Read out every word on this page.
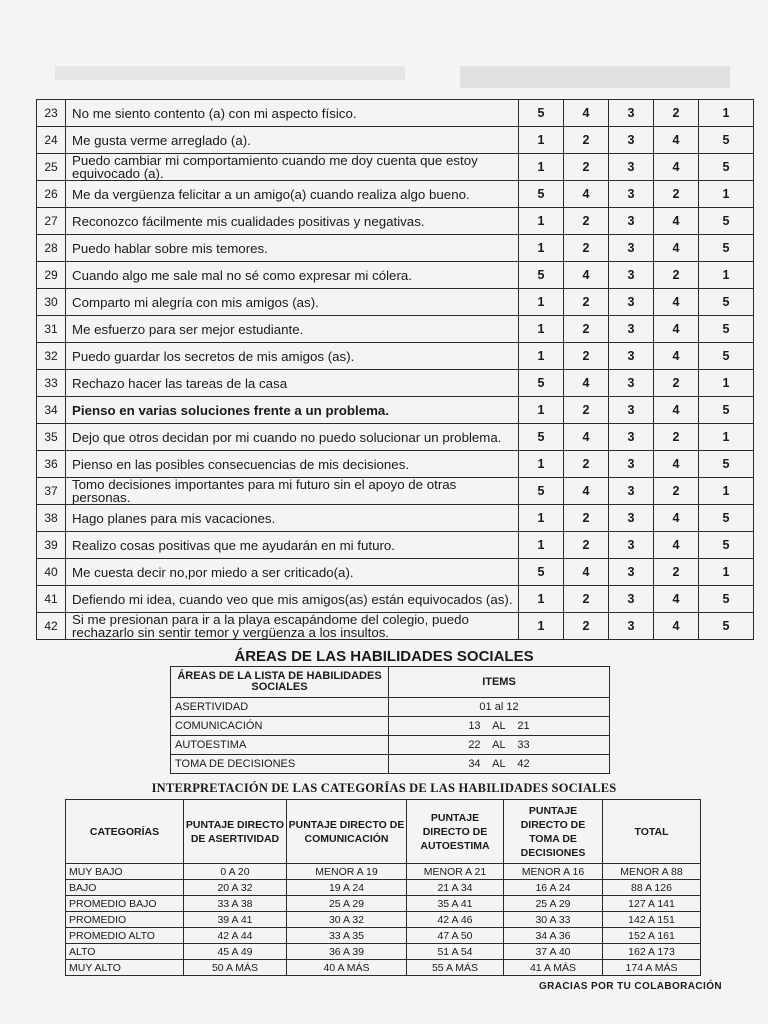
23	No me siento contento (a) con mi aspecto físico.	5	4	3	2	1
24	Me gusta verme arreglado (a).	1	2	3	4	5
25	Puedo cambiar mi comportamiento cuando me doy cuenta que estoy equivocado (a).	1	2	3	4	5
26	Me da vergüenza felicitar a un amigo(a) cuando realiza algo bueno.	5	4	3	2	1
27	Reconozco fácilmente mis cualidades positivas y negativas.	1	2	3	4	5
28	Puedo hablar sobre mis temores.	1	2	3	4	5
29	Cuando algo me sale mal no sé como expresar mi cólera.	5	4	3	2	1
30	Comparto mi alegría con mis amigos (as).	1	2	3	4	5
31	Me esfuerzo para ser mejor estudiante.	1	2	3	4	5
32	Puedo guardar los secretos de mis amigos (as).	1	2	3	4	5
33	Rechazo hacer las tareas de la casa	5	4	3	2	1
34	Pienso en varias soluciones frente a un problema.	1	2	3	4	5
35	Dejo que otros decidan por mi cuando no puedo solucionar un problema.	5	4	3	2	1
36	Pienso en las posibles consecuencias de mis decisiones.	1	2	3	4	5
37	Tomo decisiones importantes para mi futuro sin el apoyo de otras personas.	5	4	3	2	1
38	Hago planes para mis vacaciones.	1	2	3	4	5
39	Realizo cosas positivas que me ayudarán en mi futuro.	1	2	3	4	5
40	Me cuesta decir no,por miedo a ser criticado(a).	5	4	3	2	1
41	Defiendo mi idea, cuando veo que mis amigos(as) están equivocados (as).	1	2	3	4	5
42	Si me presionan para ir a la playa escapándome del colegio, puedo rechazarlo sin sentir temor y vergüenza a los insultos.	1	2	3	4	5
ÁREAS DE LAS HABILIDADES SOCIALES
ÁREAS DE LA LISTA DE HABILIDADES SOCIALES	ITEMS
ASERTIVIDAD	01 al 12
COMUNICACIÓN	13    AL    21
AUTOESTIMA	22    AL    33
TOMA DE DECISIONES	34    AL    42
INTERPRETACIÓN DE LAS CATEGORÍAS DE LAS HABILIDADES SOCIALES
CATEGORÍAS	PUNTAJE DIRECTO DE ASERTIVIDAD	PUNTAJE DIRECTO DE COMUNICACIÓN	PUNTAJE DIRECTO DE AUTOESTIMA	PUNTAJE DIRECTO DE TOMA DE DECISIONES	TOTAL
MUY BAJO	0 A 20	MENOR A 19	MENOR A 21	MENOR A 16	MENOR A 88
BAJO	20 A 32	19 A 24	21 A 34	16 A 24	88 A 126
PROMEDIO BAJO	33 A 38	25 A 29	35 A 41	25 A 29	127 A 141
PROMEDIO	39 A 41	30 A 32	42 A 46	30 A 33	142 A 151
PROMEDIO ALTO	42 A 44	33 A 35	47 A 50	34 A 36	152 A 161
ALTO	45 A 49	36 A 39	51 A 54	37 A 40	162 A 173
MUY ALTO	50 A MÁS	40 A MÁS	55 A MÁS	41 A MÁS	174 A MÁS
GRACIAS POR TU COLABORACIÓN
